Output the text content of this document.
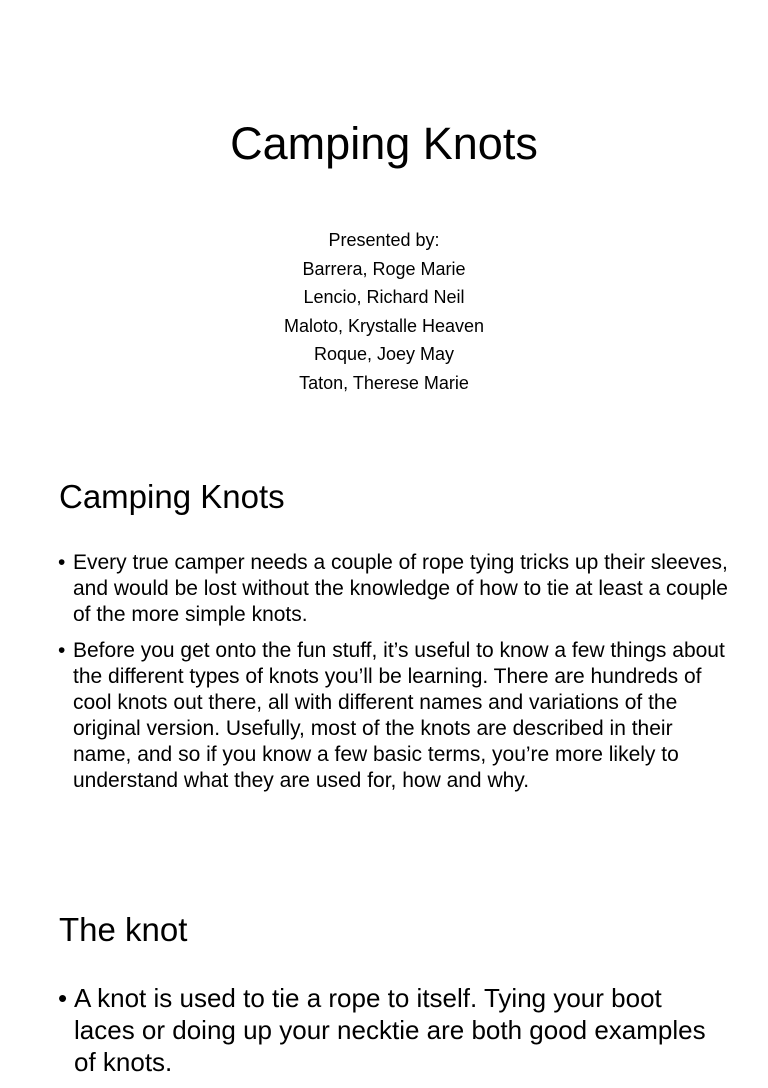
Camping Knots
Presented by:
Barrera, Roge Marie
Lencio, Richard Neil
Maloto, Krystalle Heaven
Roque, Joey May
Taton, Therese Marie
Camping Knots
• Every true camper needs a couple of rope tying tricks up their sleeves, and would be lost without the knowledge of how to tie at least a couple of the more simple knots.
• Before you get onto the fun stuff, it’s useful to know a few things about the different types of knots you’ll be learning. There are hundreds of cool knots out there, all with different names and variations of the original version. Usefully, most of the knots are described in their name, and so if you know a few basic terms, you’re more likely to understand what they are used for, how and why.
The knot
• A knot is used to tie a rope to itself. Tying your boot laces or doing up your necktie are both good examples of knots.
